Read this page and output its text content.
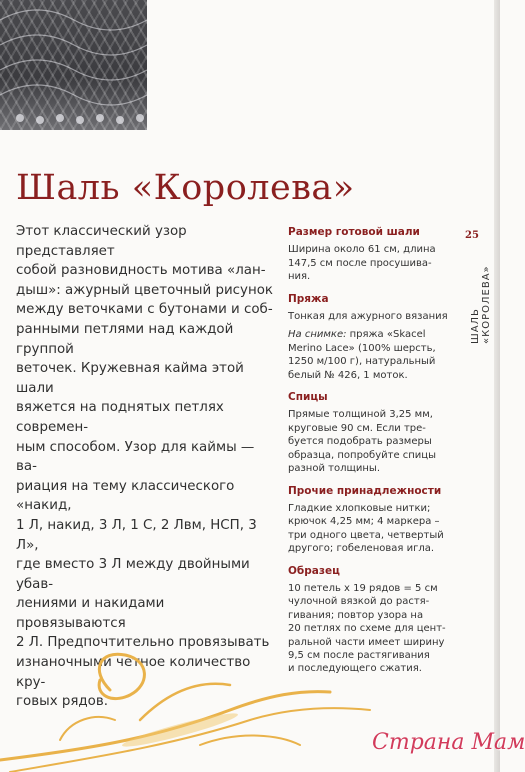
Шаль «Королева»

Этот классический узор представляет

собой разновидность мотива «лан-

дыш»: ажурный цветочный рисунок

между веточками с бутонами и соб-

ранными петлями над каждой группой

веточек. Кружевная кайма этой шали

вяжется на поднятых петлях современ-

ным способом. Узор для каймы — ва-

риация на тему классического «накид,

1 Л, накид, 3 Л, 1 С, 2 Лвм, НСП, 3 Л»,

где вместо 3 Л между двойными убав-

лениями и накидами провязываются

2 Л. Предпочтительно провязывать

изнаночными четное количество кру-

говых рядов.

Размер готовой шали

Ширина около 61 см, длина

147,5 см после просушива-

ния.

Пряжа

Тонкая для ажурного вязания

На снимке: пряжа «Skacel

Merino Lace» (100% шерсть,

1250 м/100 г), натуральный

белый № 426, 1 моток.

Спицы

Прямые толщиной 3,25 мм,

круговые 90 см. Если тре-

буется подобрать размеры

образца, попробуйте спицы

разной толщины.

Прочие принадлежности

Гладкие хлопковые нитки;

крючок 4,25 мм; 4 маркера –

три одного цвета, четвертый

другого; гобеленовая игла.

Образец

10 петель х 19 рядов = 5 см

чулочной вязкой до растя-

гивания; повтор узора на

20 петлях по схеме для цент-

ральной части имеет ширину

9,5 см после растягивания

и последующего сжатия.

25
ШАЛЬ «КОРОЛЕВА»
Страна Мам
